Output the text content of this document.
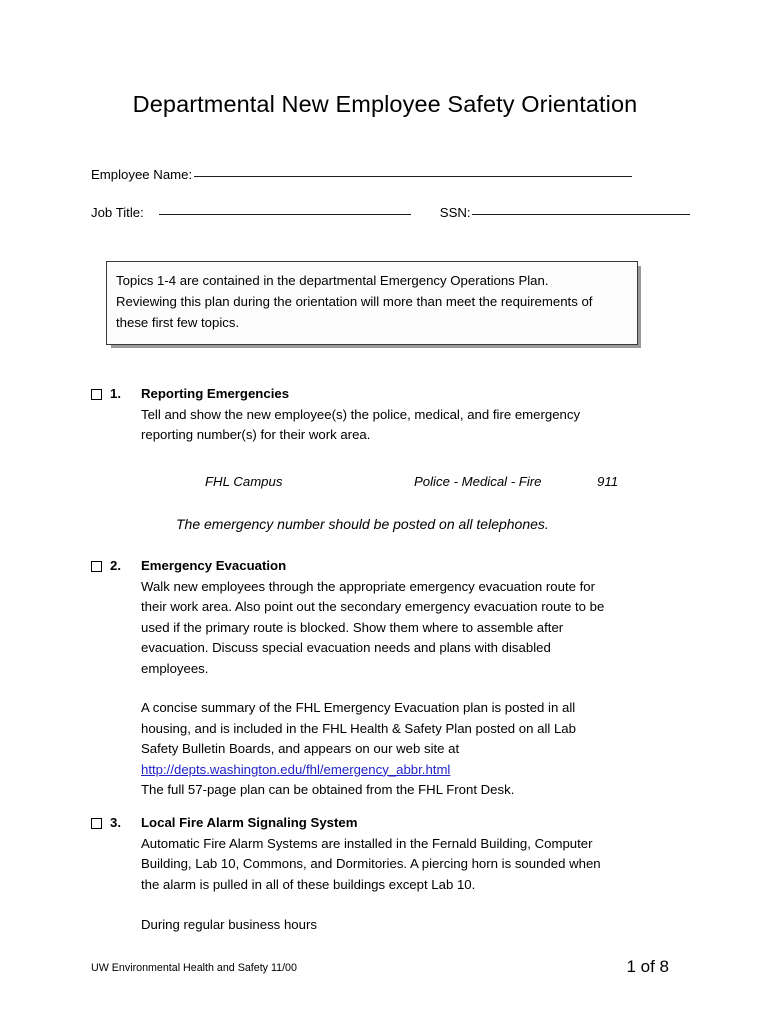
Departmental New Employee Safety Orientation
Employee Name:
Job Title:	SSN:
Topics 1-4 are contained in the departmental Emergency Operations Plan.
Reviewing this plan during the orientation will more than meet the requirements of
these first few topics.
1. Reporting Emergencies
Tell and show the new employee(s) the police, medical, and fire emergency
reporting number(s) for their work area.
FHL Campus	Police - Medical - Fire	911
The emergency number should be posted on all telephones.
2. Emergency Evacuation
Walk new employees through the appropriate emergency evacuation route for
their work area. Also point out the secondary emergency evacuation route to be
used if the primary route is blocked. Show them where to assemble after
evacuation. Discuss special evacuation needs and plans with disabled
employees.
A concise summary of the FHL Emergency Evacuation plan is posted in all
housing, and is included in the FHL Health & Safety Plan posted on all Lab
Safety Bulletin Boards, and appears on our web site at
http://depts.washington.edu/fhl/emergency_abbr.html
The full 57-page plan can be obtained from the FHL Front Desk.
3. Local Fire Alarm Signaling System
Automatic Fire Alarm Systems are installed in the Fernald Building, Computer
Building, Lab 10, Commons, and Dormitories. A piercing horn is sounded when
the alarm is pulled in all of these buildings except Lab 10.
During regular business hours
UW Environmental Health and Safety 11/00	1 of 8
